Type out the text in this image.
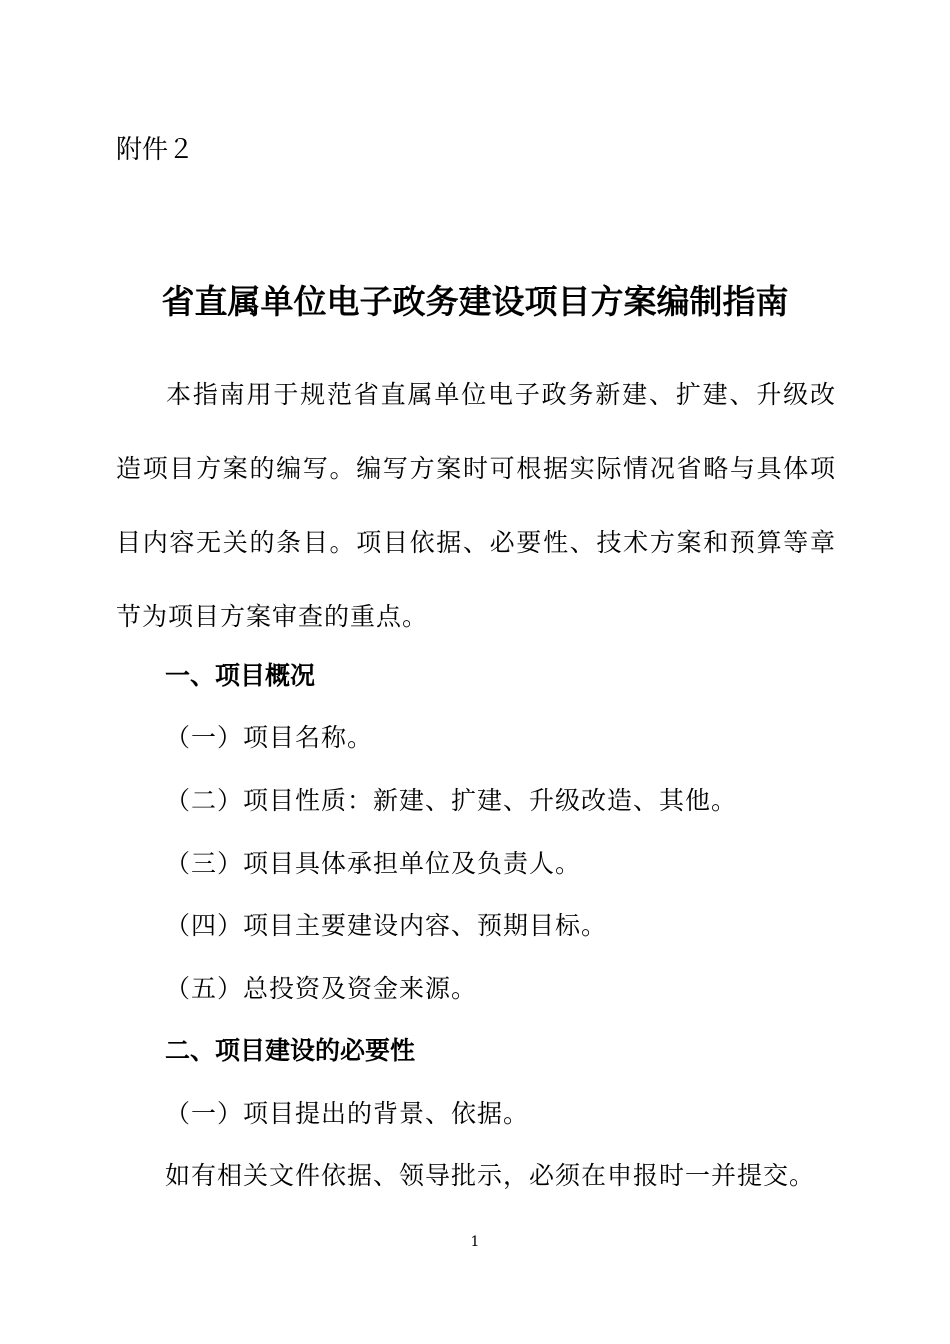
附件２
省直属单位电子政务建设项目方案编制指南

本指南用于规范省直属单位电子政务新建、扩建、升级改造项目方案的编写。编写方案时可根据实际情况省略与具体项目内容无关的条目。项目依据、必要性、技术方案和预算等章节为项目方案审查的重点。

一、项目概况

（一）项目名称。

（二）项目性质：新建、扩建、升级改造、其他。

（三）项目具体承担单位及负责人。

（四）项目主要建设内容、预期目标。

（五）总投资及资金来源。

二、项目建设的必要性

（一）项目提出的背景、依据。

如有相关文件依据、领导批示，必须在申报时一并提交。

1
